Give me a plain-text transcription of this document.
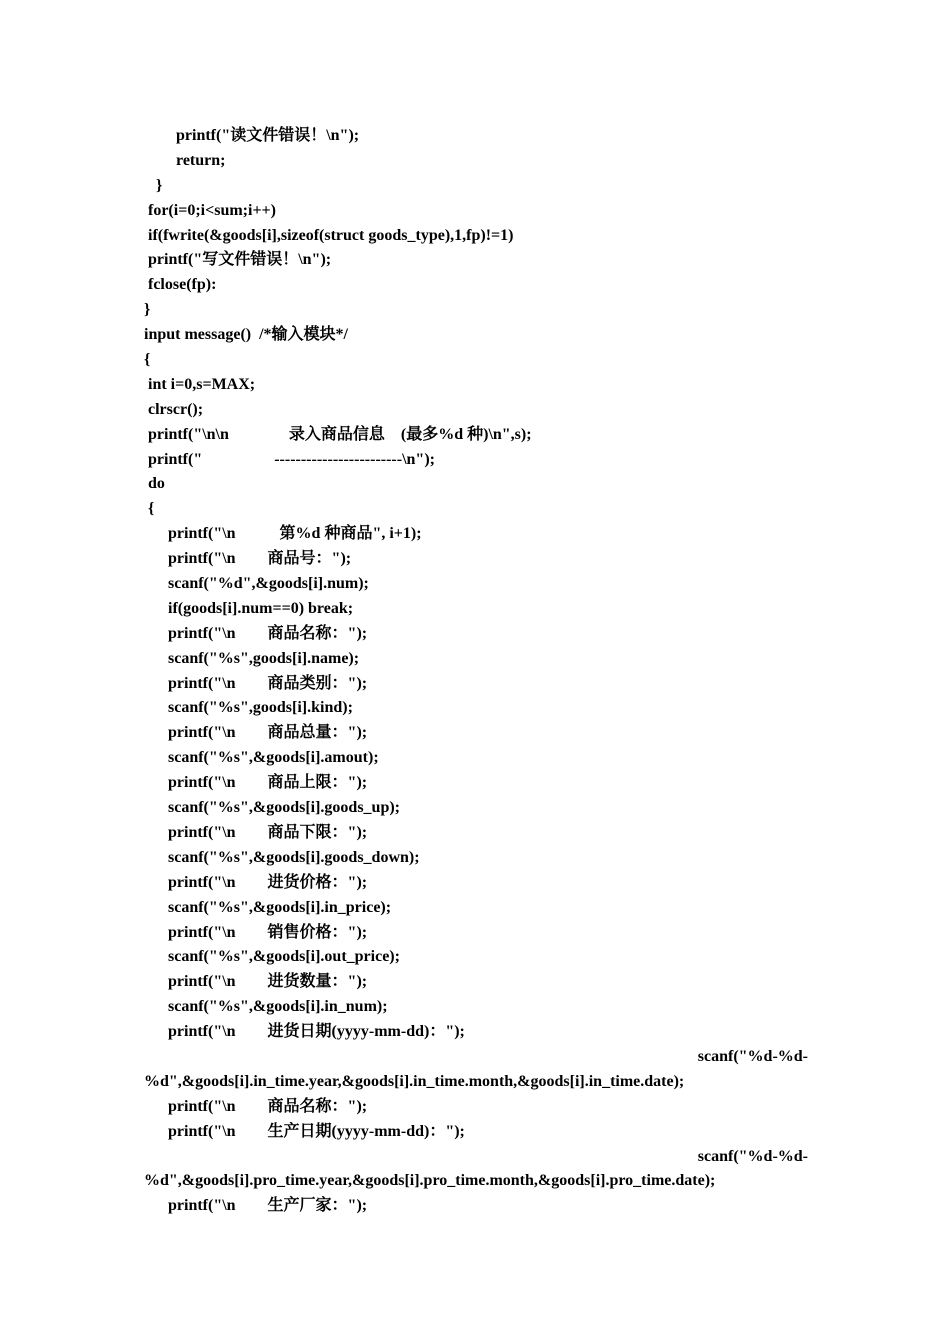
printf("读文件错误！\n");
return;
}
for(i=0;i<sum;i++)
if(fwrite(&goods[i],sizeof(struct goods_type),1,fp)!=1)
printf("写文件错误！\n");
fclose(fp):
}
input message()  /*输入模块*/
{
int i=0,s=MAX;
clrscr();
printf("\n\n               录入商品信息    (最多%d 种)\n",s);
printf("                  ------------------------\n");
do
{
printf("\n           第%d 种商品", i+1);
printf("\n        商品号：");
scanf("%d",&goods[i].num);
if(goods[i].num==0) break;
printf("\n        商品名称：");
scanf("%s",goods[i].name);
printf("\n        商品类别：");
scanf("%s",goods[i].kind);
printf("\n        商品总量：");
scanf("%s",&goods[i].amout);
printf("\n        商品上限：");
scanf("%s",&goods[i].goods_up);
printf("\n        商品下限：");
scanf("%s",&goods[i].goods_down);
printf("\n        进货价格：");
scanf("%s",&goods[i].in_price);
printf("\n        销售价格：");
scanf("%s",&goods[i].out_price);
printf("\n        进货数量：");
scanf("%s",&goods[i].in_num);
printf("\n        进货日期(yyyy-mm-dd)：");
scanf("%d-%d-
%d",&goods[i].in_time.year,&goods[i].in_time.month,&goods[i].in_time.date);
printf("\n        商品名称：");
printf("\n        生产日期(yyyy-mm-dd)：");
scanf("%d-%d-
%d",&goods[i].pro_time.year,&goods[i].pro_time.month,&goods[i].pro_time.date);
printf("\n        生产厂家：");
